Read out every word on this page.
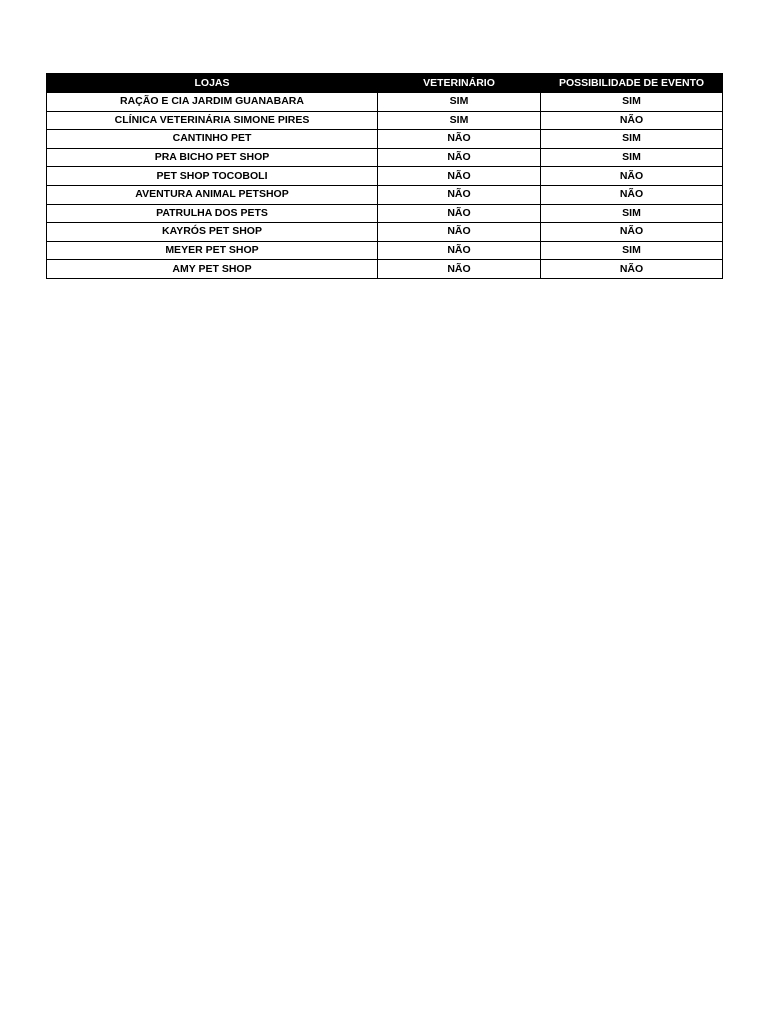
LOJAS	VETERINÁRIO	POSSIBILIDADE DE EVENTO
RAÇÃO E CIA JARDIM GUANABARA	SIM	SIM
CLÍNICA VETERINÁRIA SIMONE PIRES	SIM	NÃO
CANTINHO PET	NÃO	SIM
PRA BICHO PET SHOP	NÃO	SIM
PET SHOP TOCOBOLI	NÃO	NÃO
AVENTURA ANIMAL PETSHOP	NÃO	NÃO
PATRULHA DOS PETS	NÃO	SIM
KAYRÓS PET SHOP	NÃO	NÃO
MEYER PET SHOP	NÃO	SIM
AMY PET SHOP	NÃO	NÃO
